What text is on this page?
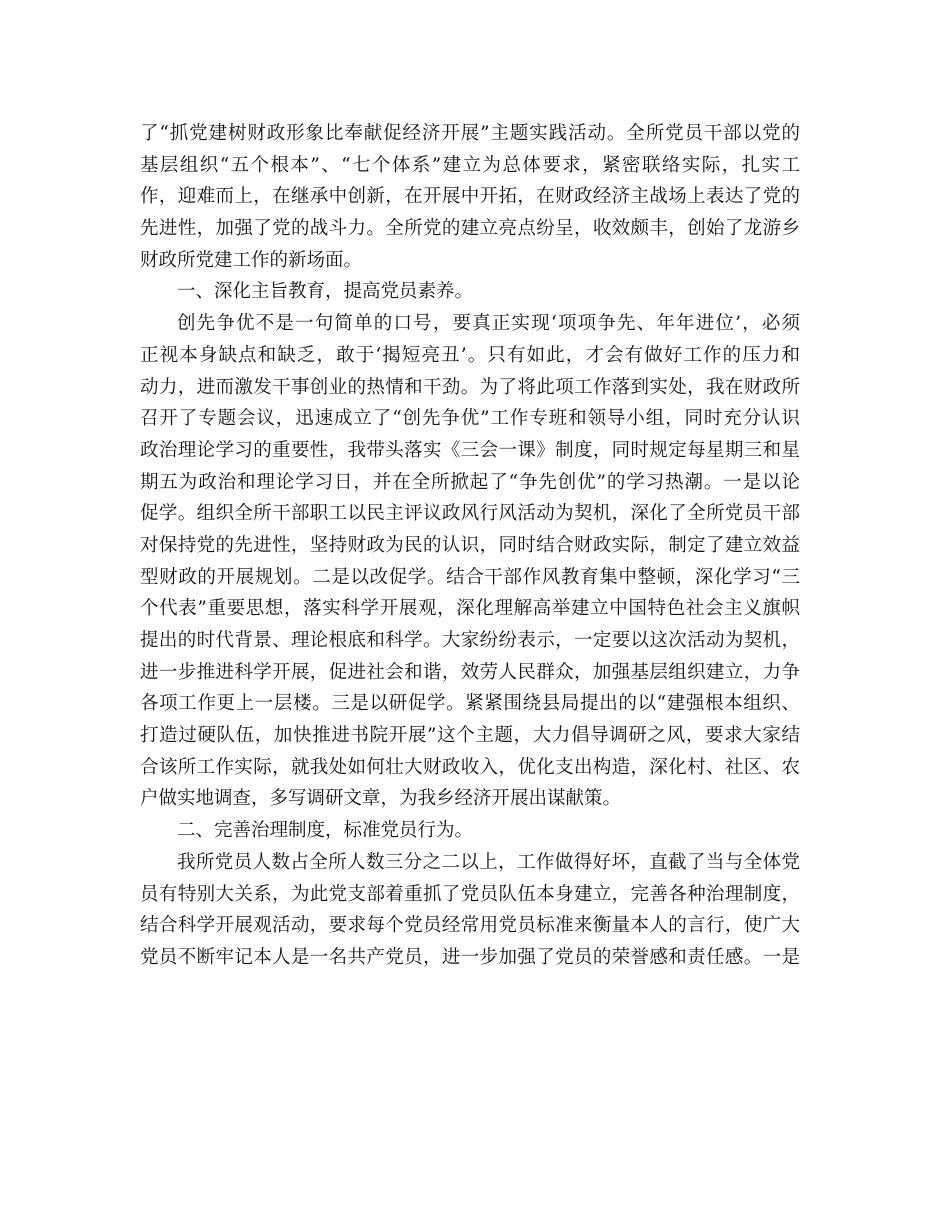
了“抓党建树财政形象比奉献促经济开展”主题实践活动。全所党员干部以党的
基层组织“五个根本”、“七个体系”建立为总体要求，紧密联络实际，扎实工
作，迎难而上，在继承中创新，在开展中开拓，在财政经济主战场上表达了党的
先进性，加强了党的战斗力。全所党的建立亮点纷呈，收效颇丰，创始了龙游乡
财政所党建工作的新场面。
一、深化主旨教育，提高党员素养。
创先争优不是一句简单的口号，要真正实现‘项项争先、年年进位’，必须
正视本身缺点和缺乏，敢于‘揭短亮丑’。只有如此，才会有做好工作的压力和
动力，进而激发干事创业的热情和干劲。为了将此项工作落到实处，我在财政所
召开了专题会议，迅速成立了“创先争优”工作专班和领导小组，同时充分认识
政治理论学习的重要性，我带头落实《三会一课》制度，同时规定每星期三和星
期五为政治和理论学习日，并在全所掀起了“争先创优”的学习热潮。一是以论
促学。组织全所干部职工以民主评议政风行风活动为契机，深化了全所党员干部
对保持党的先进性，坚持财政为民的认识，同时结合财政实际，制定了建立效益
型财政的开展规划。二是以改促学。结合干部作风教育集中整顿，深化学习“三
个代表”重要思想，落实科学开展观，深化理解高举建立中国特色社会主义旗帜
提出的时代背景、理论根底和科学。大家纷纷表示，一定要以这次活动为契机，
进一步推进科学开展，促进社会和谐，效劳人民群众，加强基层组织建立，力争
各项工作更上一层楼。三是以研促学。紧紧围绕县局提出的以“建强根本组织、
打造过硬队伍，加快推进书院开展”这个主题，大力倡导调研之风，要求大家结
合该所工作实际，就我处如何壮大财政收入，优化支出构造，深化村、社区、农
户做实地调查，多写调研文章，为我乡经济开展出谋献策。
二、完善治理制度，标准党员行为。
我所党员人数占全所人数三分之二以上，工作做得好坏，直截了当与全体党
员有特别大关系，为此党支部着重抓了党员队伍本身建立，完善各种治理制度，
结合科学开展观活动，要求每个党员经常用党员标准来衡量本人的言行，使广大
党员不断牢记本人是一名共产党员，进一步加强了党员的荣誉感和责任感。一是
